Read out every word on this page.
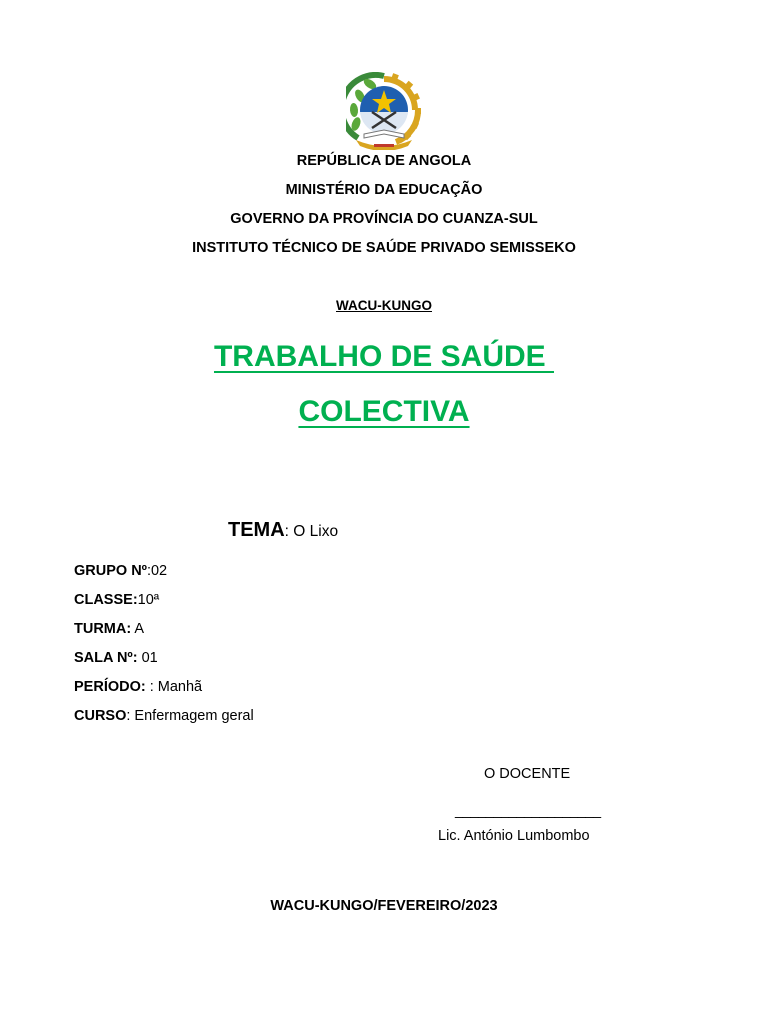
REPÚBLICA DE ANGOLA
MINISTÉRIO DA EDUCAÇÃO
GOVERNO DA PROVÍNCIA DO CUANZA-SUL
INSTITUTO TÉCNICO DE SAÚDE PRIVADO SEMISSEKO
WACU-KUNGO
TRABALHO DE SAÚDE
COLECTIVA
TEMA: O Lixo
GRUPO Nº:02
CLASSE:10ª
TURMA: A
SALA Nº: 01
PERÍODO: : Manhã
CURSO: Enfermagem geral
O DOCENTE
___________________
Lic. António Lumbombo
WACU-KUNGO/FEVEREIRO/2023
